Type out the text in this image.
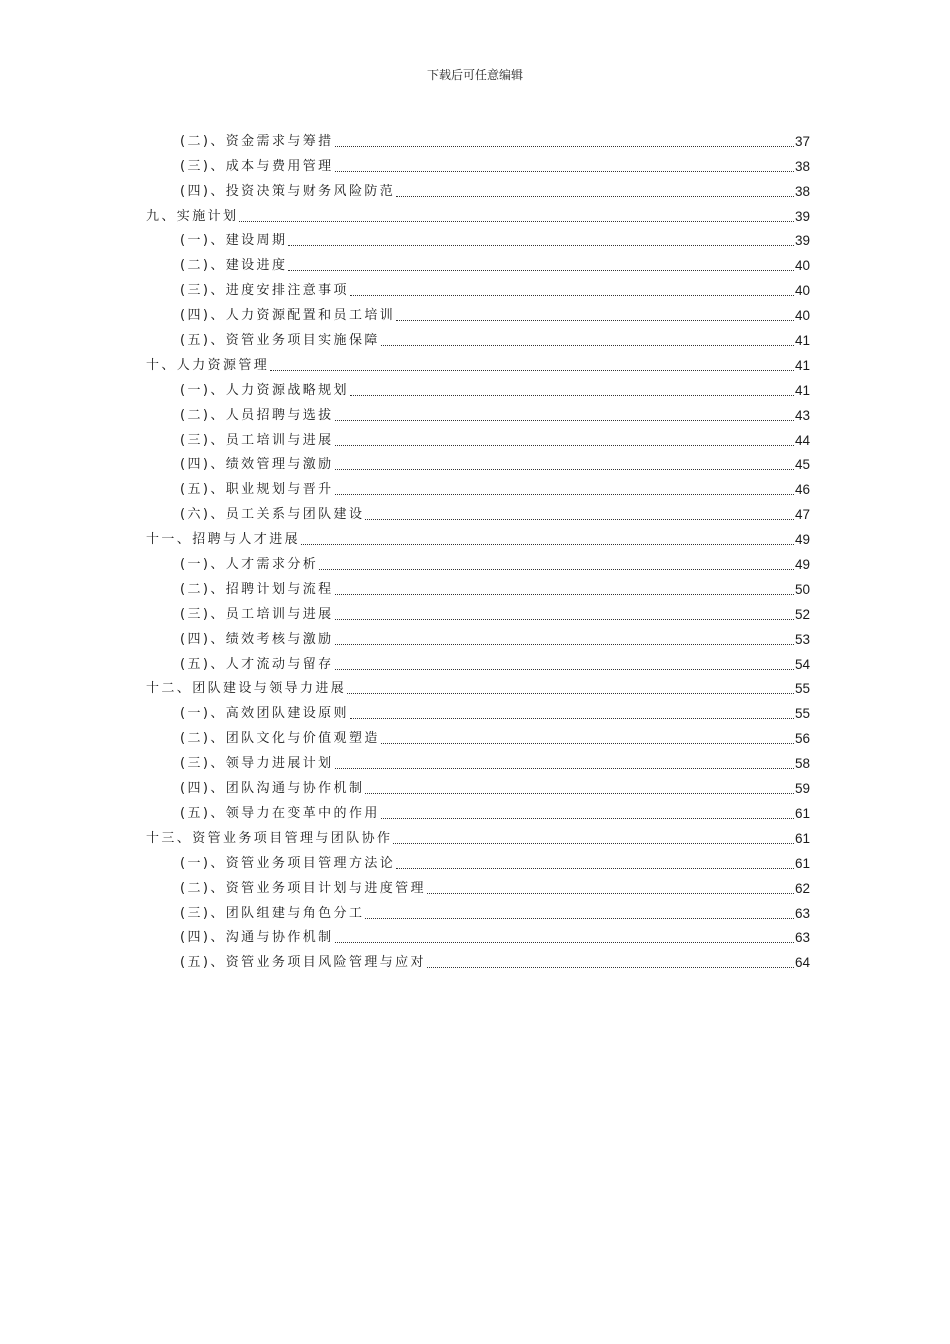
下载后可任意编辑
(二)、资金需求与筹措	37
(三)、成本与费用管理	38
(四)、投资决策与财务风险防范	38
九、实施计划	39
(一)、建设周期	39
(二)、建设进度	40
(三)、进度安排注意事项	40
(四)、人力资源配置和员工培训	40
(五)、资管业务项目实施保障	41
十、人力资源管理	41
(一)、人力资源战略规划	41
(二)、人员招聘与选拔	43
(三)、员工培训与进展	44
(四)、绩效管理与激励	45
(五)、职业规划与晋升	46
(六)、员工关系与团队建设	47
十一、招聘与人才进展	49
(一)、人才需求分析	49
(二)、招聘计划与流程	50
(三)、员工培训与进展	52
(四)、绩效考核与激励	53
(五)、人才流动与留存	54
十二、团队建设与领导力进展	55
(一)、高效团队建设原则	55
(二)、团队文化与价值观塑造	56
(三)、领导力进展计划	58
(四)、团队沟通与协作机制	59
(五)、领导力在变革中的作用	61
十三、资管业务项目管理与团队协作	61
(一)、资管业务项目管理方法论	61
(二)、资管业务项目计划与进度管理	62
(三)、团队组建与角色分工	63
(四)、沟通与协作机制	63
(五)、资管业务项目风险管理与应对	64
